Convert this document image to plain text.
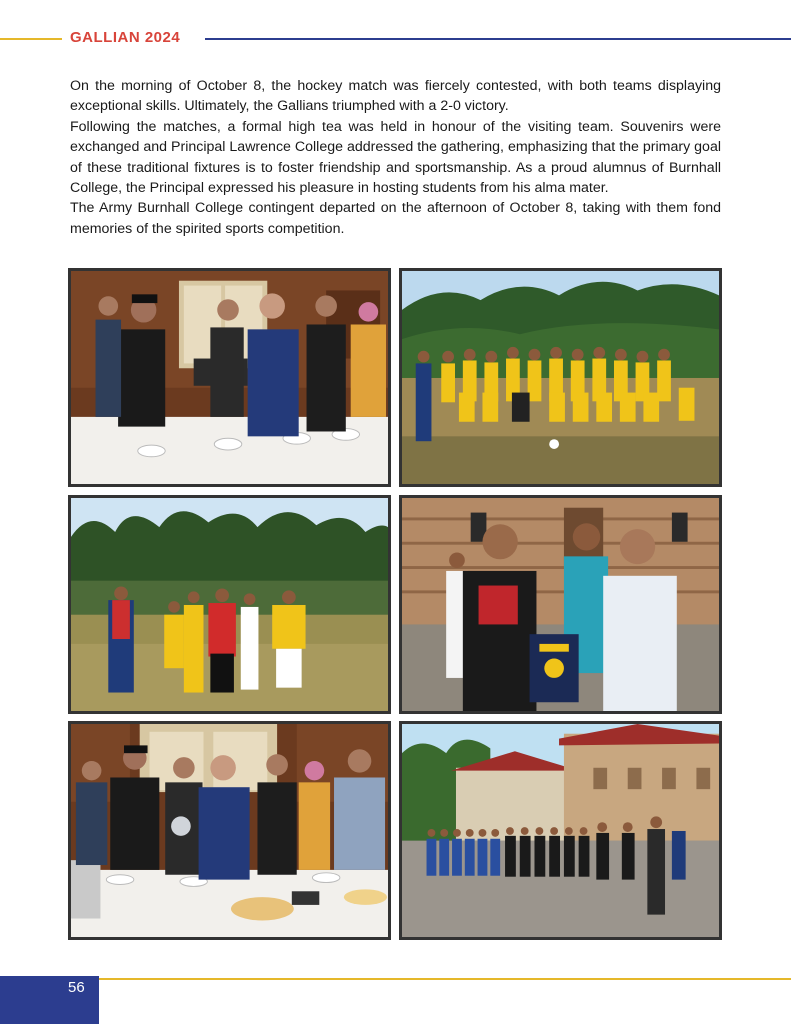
GALLIAN 2024

On the morning of October 8, the hockey match was fiercely contested, with both teams displaying exceptional skills. Ultimately, the Gallians triumphed with a 2-0 victory.

Following the matches, a formal high tea was held in honour of the visiting team. Souvenirs were exchanged and Principal Lawrence College addressed the gathering, emphasizing that the primary goal of these traditional fixtures is to foster friendship and sportsmanship. As a proud alumnus of Burnhall College, the Principal expressed his pleasure in hosting students from his alma mater.

The Army Burnhall College contingent departed on the afternoon of October 8, taking with them fond memories of the spirited sports competition.

56
